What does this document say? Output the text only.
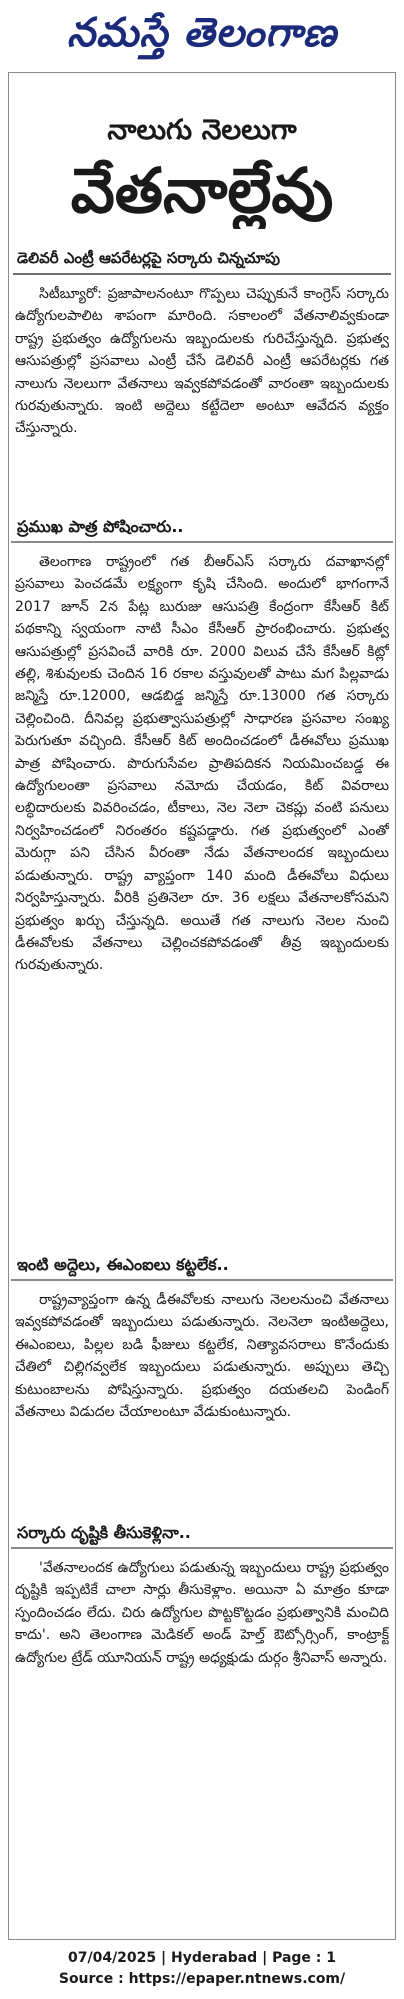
నమస్తే తెలంగాణ
నాలుగు నెలలుగా
వేతనాల్లేవు
డెలివరీ ఎంట్రీ ఆపరేటర్లపై సర్కారు చిన్నచూపు
సిటీబ్యూరో: ప్రజాపాలనంటూ గొప్పలు చెప్పుకునే కాంగ్రెస్ సర్కారు ఉద్యోగులపాలిట శాపంగా మారింది. సకాలంలో వేతనాలివ్వకుండా రాష్ట్ర ప్రభుత్వం ఉద్యోగులను ఇబ్బందులకు గురిచేస్తున్నది. ప్రభుత్వ ఆసుపత్రుల్లో ప్రసవాలు ఎంట్రీ చేసే డెలివరీ ఎంట్రీ ఆపరేటర్లకు గత నాలుగు నెలలుగా వేతనాలు ఇవ్వకపోవడంతో వారంతా ఇబ్బందులకు గురవుతున్నారు. ఇంటి అద్దెలు కట్టేదెలా అంటూ ఆవేదన వ్యక్తం చేస్తున్నారు.
ప్రముఖ పాత్ర పోషించారు..
తెలంగాణ రాష్ట్రంలో గత బీఆర్ఎస్ సర్కారు దవాఖానల్లో ప్రసవాలు పెంచడమే లక్ష్యంగా కృషి చేసింది. అందులో భాగంగానే 2017 జూన్ 2న పేట్ల బురుజు ఆసుపత్రి కేంద్రంగా కేసీఆర్ కిట్ పథకాన్ని స్వయంగా నాటి సీఎం కేసీఆర్ ప్రారంభించారు. ప్రభుత్వ ఆసుపత్రుల్లో ప్రసవించే వారికి రూ. 2000 విలువ చేసే కేసీఆర్ కిట్లో తల్లి, శిశువులకు చెందిన 16 రకాల వస్తువులతో పాటు మగ పిల్లవాడు జన్మిస్తే రూ.12000, ఆడబిడ్డ జన్మిస్తే రూ.13000 గత సర్కారు చెల్లించింది. దీనివల్ల ప్రభుత్వాసుపత్రుల్లో సాధారణ ప్రసవాల సంఖ్య పెరుగుతూ వచ్చింది. కేసీఆర్ కిట్ అందించడంలో డీఈవోలు ప్రముఖ పాత్ర పోషించారు. పొరుగుసేవల ప్రాతిపదికన నియమించబడ్డ ఈ ఉద్యోగులంతా ప్రసవాలు నమోదు చేయడం, కిట్ వివరాలు లబ్ధిదారులకు వివరించడం, టీకాలు, నెల నెలా చెకప్లు వంటి పనులు నిర్వహించడంలో నిరంతరం కష్టపడ్డారు. గత ప్రభుత్వంలో ఎంతో మెరుగ్గా పని చేసిన వీరంతా నేడు వేతనాలందక ఇబ్బందులు పడుతున్నారు. రాష్ట్ర వ్యాప్తంగా 140 మంది డీఈవోలు విధులు నిర్వహిస్తున్నారు. వీరికి ప్రతినెలా రూ. 36 లక్షలు వేతనాలకోసమని ప్రభుత్వం ఖర్చు చేస్తున్నది. అయితే గత నాలుగు నెలల నుంచి డీఈవోలకు వేతనాలు చెల్లించకపోవడంతో తీవ్ర ఇబ్బందులకు గురవుతున్నారు.
ఇంటి అద్దెలు, ఈఎంఐలు కట్టలేక..
రాష్ట్రవ్యాప్తంగా ఉన్న డీఈవోలకు నాలుగు నెలలనుంచి వేతనాలు ఇవ్వకపోవడంతో ఇబ్బందులు పడుతున్నారు. నెలనెలా ఇంటిఅద్దెలు, ఈఎంఐలు, పిల్లల బడి ఫీజులు కట్టలేక, నిత్యావసరాలు కొనేందుకు చేతిలో చిల్లిగవ్వలేక ఇబ్బందులు పడుతున్నారు. అప్పులు తెచ్చి కుటుంబాలను పోషిస్తున్నారు. ప్రభుత్వం దయతలచి పెండింగ్ వేతనాలు విడుదల చేయాలంటూ వేడుకుంటున్నారు.
సర్కారు దృష్టికి తీసుకెళ్లినా..
'వేతనాలందక ఉద్యోగులు పడుతున్న ఇబ్బందులు రాష్ట్ర ప్రభుత్వం దృష్టికి ఇప్పటికే చాలా సార్లు తీసుకెళ్లాం. అయినా ఏ మాత్రం కూడా స్పందించడం లేదు. చిరు ఉద్యోగుల పొట్టకొట్టడం ప్రభుత్వానికి మంచిది కాదు'. అని తెలంగాణ మెడికల్ అండ్ హెల్త్ ఔట్సోర్సింగ్, కాంట్రాక్ట్ ఉద్యోగుల ట్రేడ్ యూనియన్ రాష్ట్ర అధ్యక్షుడు దుర్గం శ్రీనివాస్ అన్నారు.
07/04/2025 | Hyderabad | Page : 1
Source : https://epaper.ntnews.com/
